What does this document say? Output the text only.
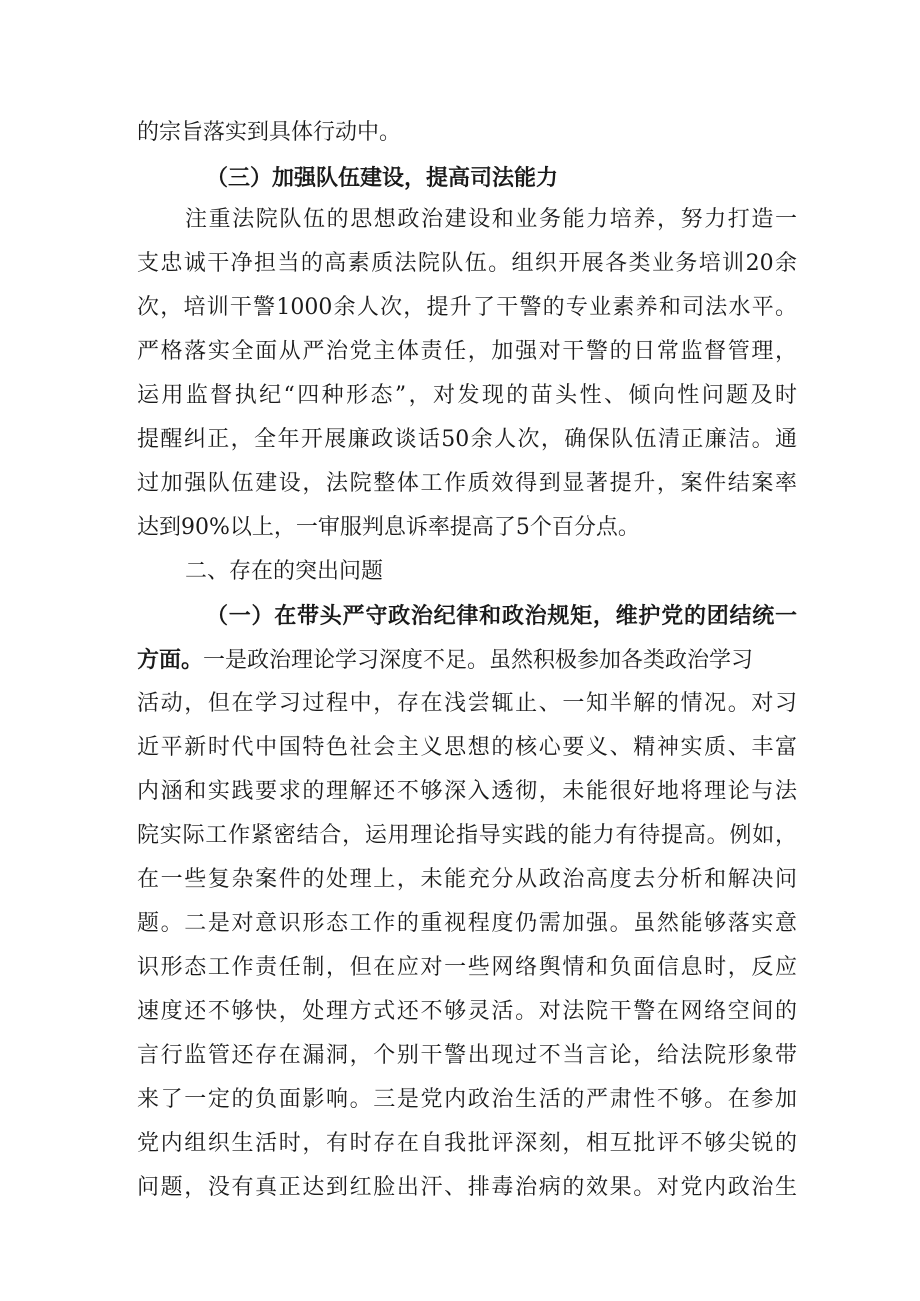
的宗旨落实到具体行动中。
（三）加强队伍建设，提高司法能力
注重法院队伍的思想政治建设和业务能力培养，努力打造一
支忠诚干净担当的高素质法院队伍。组织开展各类业务培训20余
次，培训干警1000余人次，提升了干警的专业素养和司法水平。
严格落实全面从严治党主体责任，加强对干警的日常监督管理，
运用监督执纪“四种形态”，对发现的苗头性、倾向性问题及时
提醒纠正，全年开展廉政谈话50余人次，确保队伍清正廉洁。通
过加强队伍建设，法院整体工作质效得到显著提升，案件结案率
达到90%以上，一审服判息诉率提高了5个百分点。
二、存在的突出问题
（一）在带头严守政治纪律和政治规矩，维护党的团结统一
方面。一是政治理论学习深度不足。虽然积极参加各类政治学习
活动，但在学习过程中，存在浅尝辄止、一知半解的情况。对习
近平新时代中国特色社会主义思想的核心要义、精神实质、丰富
内涵和实践要求的理解还不够深入透彻，未能很好地将理论与法
院实际工作紧密结合，运用理论指导实践的能力有待提高。例如，
在一些复杂案件的处理上，未能充分从政治高度去分析和解决问
题。二是对意识形态工作的重视程度仍需加强。虽然能够落实意
识形态工作责任制，但在应对一些网络舆情和负面信息时，反应
速度还不够快，处理方式还不够灵活。对法院干警在网络空间的
言行监管还存在漏洞，个别干警出现过不当言论，给法院形象带
来了一定的负面影响。三是党内政治生活的严肃性不够。在参加
党内组织生活时，有时存在自我批评深刻，相互批评不够尖锐的
问题，没有真正达到红脸出汗、排毒治病的效果。对党内政治生
